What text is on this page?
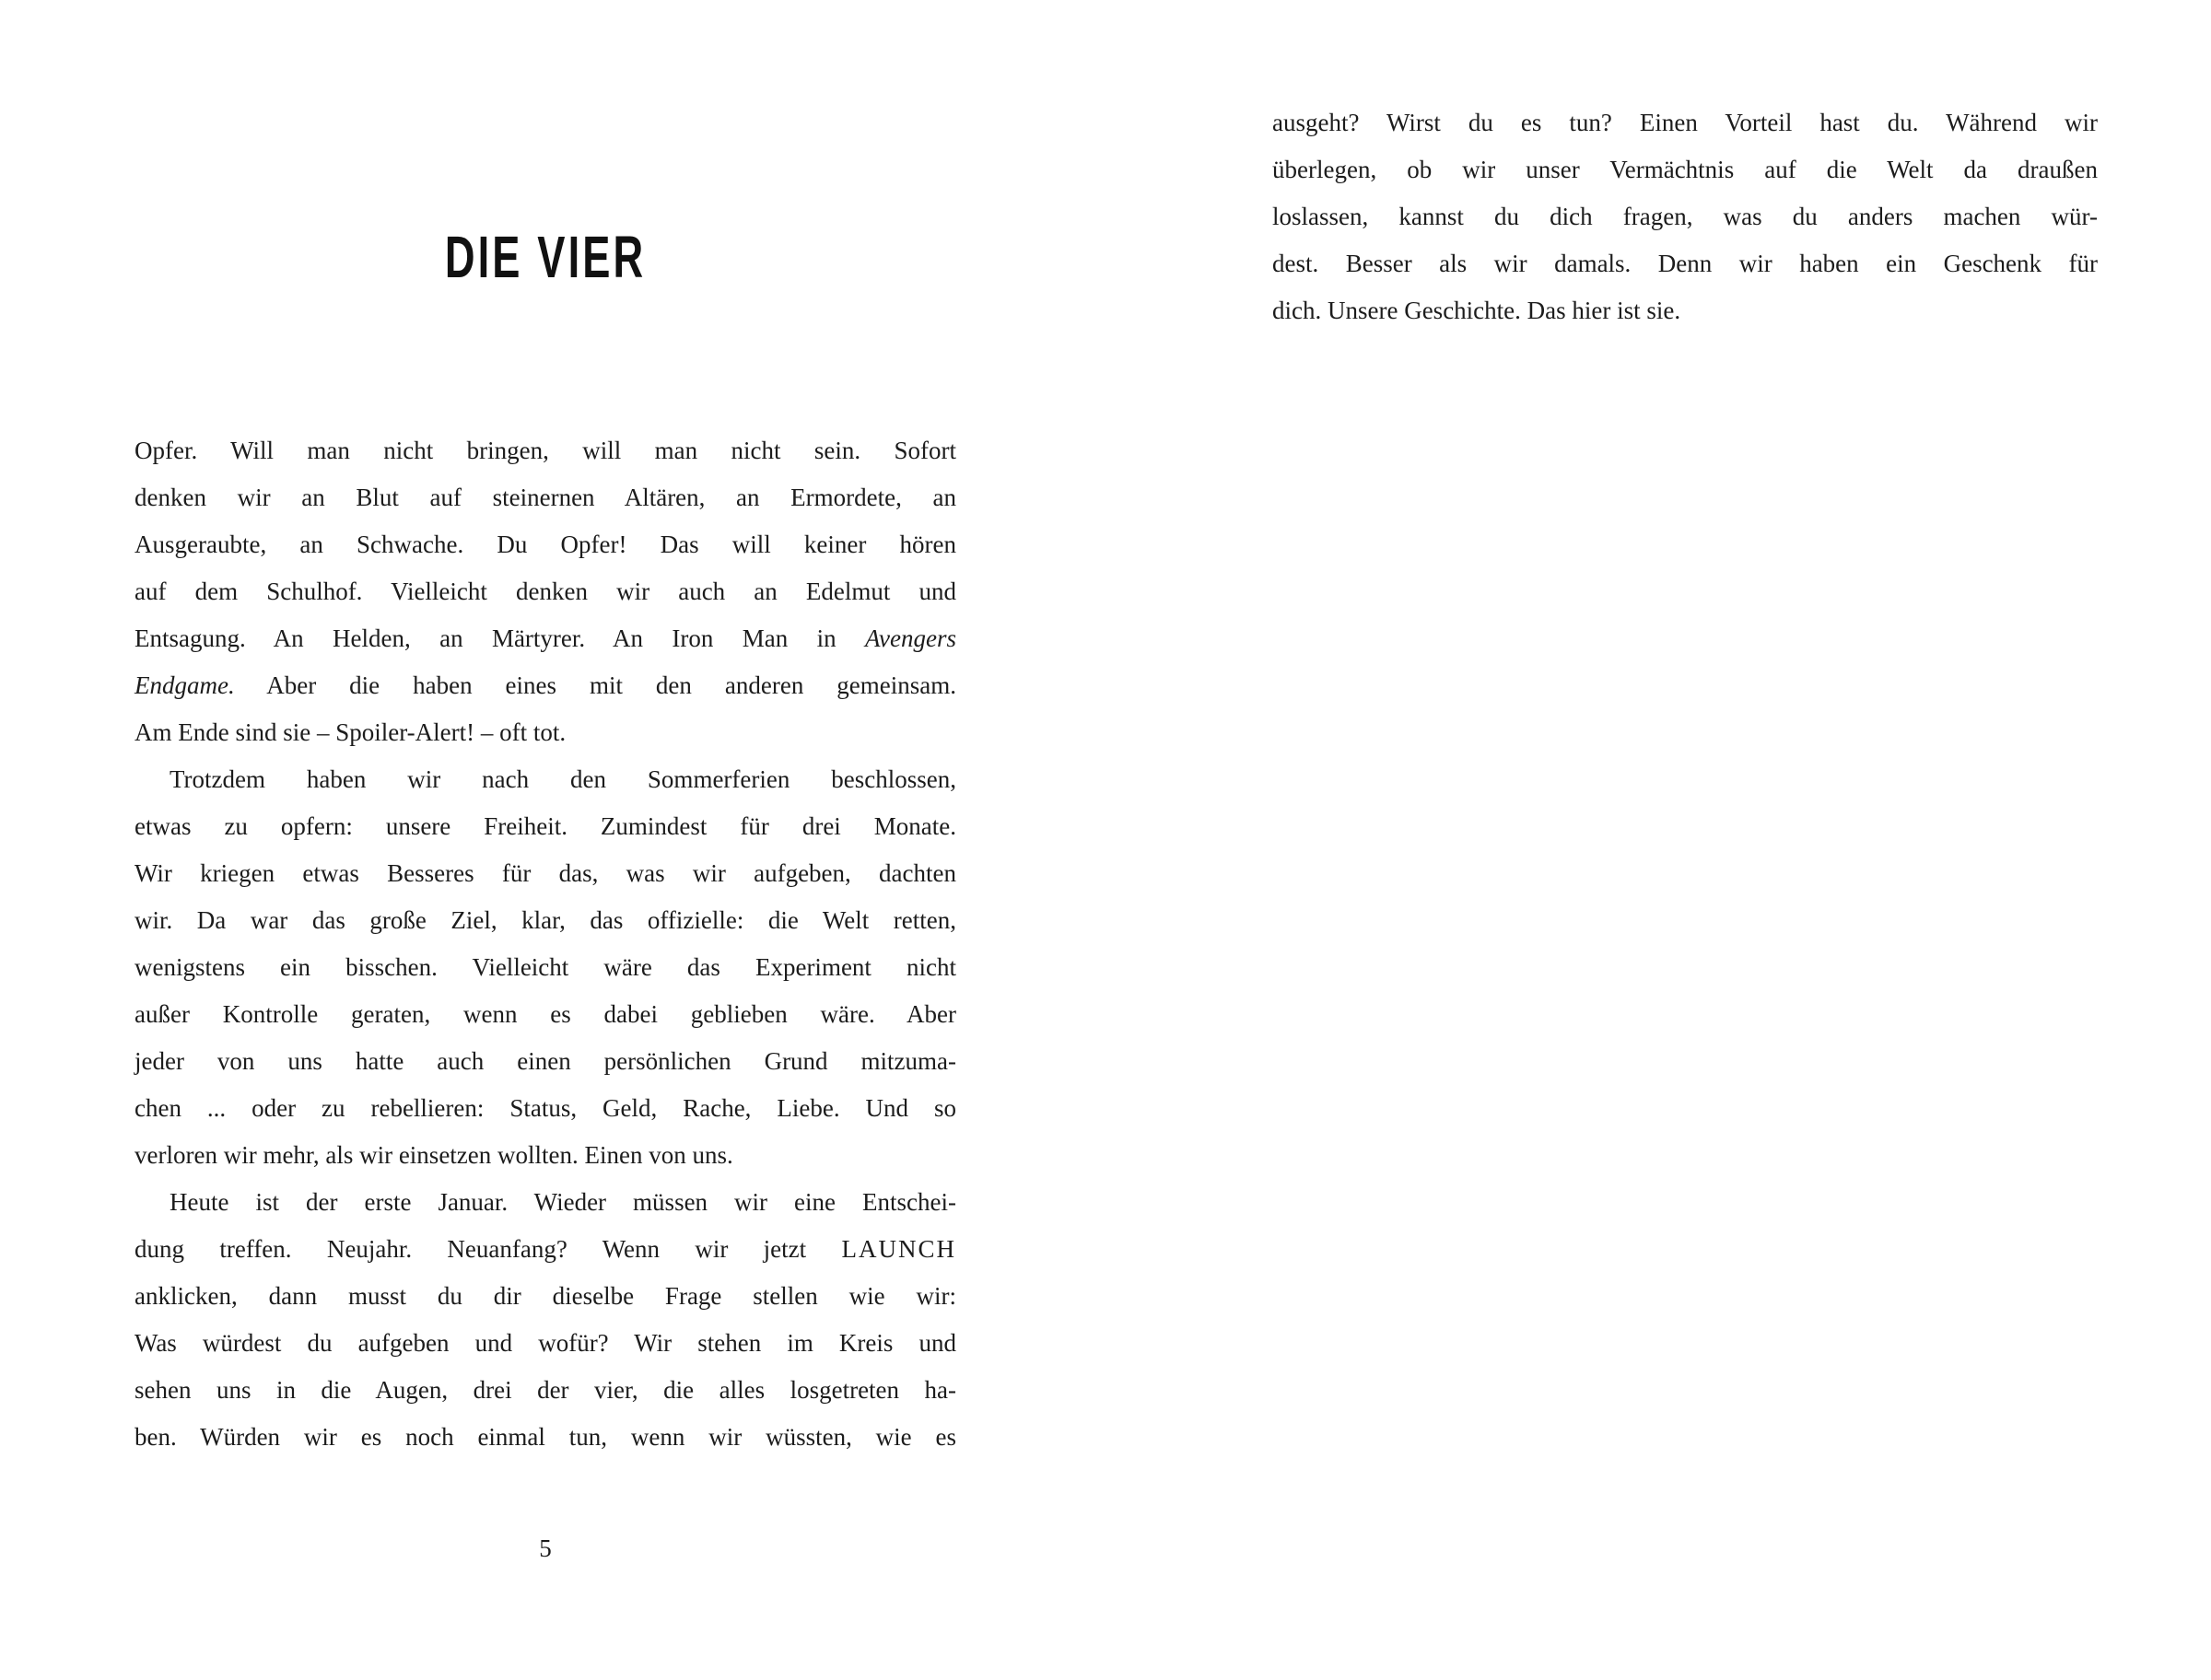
DIE VIER
Opfer. Will man nicht bringen, will man nicht sein. Sofort
denken wir an Blut auf steinernen Altären, an Ermordete, an
Ausgeraubte, an Schwache. Du Opfer! Das will keiner hören
auf dem Schulhof. Vielleicht denken wir auch an Edelmut und
Entsagung. An Helden, an Märtyrer. An Iron Man in Avengers
Endgame. Aber die haben eines mit den anderen gemeinsam.
Am Ende sind sie – Spoiler-Alert! – oft tot.
Trotzdem haben wir nach den Sommerferien beschlossen,
etwas zu opfern: unsere Freiheit. Zumindest für drei Monate.
Wir kriegen etwas Besseres für das, was wir aufgeben, dachten
wir. Da war das große Ziel, klar, das offizielle: die Welt retten,
wenigstens ein bisschen. Vielleicht wäre das Experiment nicht
außer Kontrolle geraten, wenn es dabei geblieben wäre. Aber
jeder von uns hatte auch einen persönlichen Grund mitzuma-
chen ... oder zu rebellieren: Status, Geld, Rache, Liebe. Und so
verloren wir mehr, als wir einsetzen wollten. Einen von uns.
Heute ist der erste Januar. Wieder müssen wir eine Entschei-
dung treffen. Neujahr. Neuanfang? Wenn wir jetzt LAUNCH
anklicken, dann musst du dir dieselbe Frage stellen wie wir:
Was würdest du aufgeben und wofür? Wir stehen im Kreis und
sehen uns in die Augen, drei der vier, die alles losgetreten ha-
ben. Würden wir es noch einmal tun, wenn wir wüssten, wie es
5
ausgeht? Wirst du es tun? Einen Vorteil hast du. Während wir
überlegen, ob wir unser Vermächtnis auf die Welt da draußen
loslassen, kannst du dich fragen, was du anders machen wür-
dest. Besser als wir damals. Denn wir haben ein Geschenk für
dich. Unsere Geschichte. Das hier ist sie.
